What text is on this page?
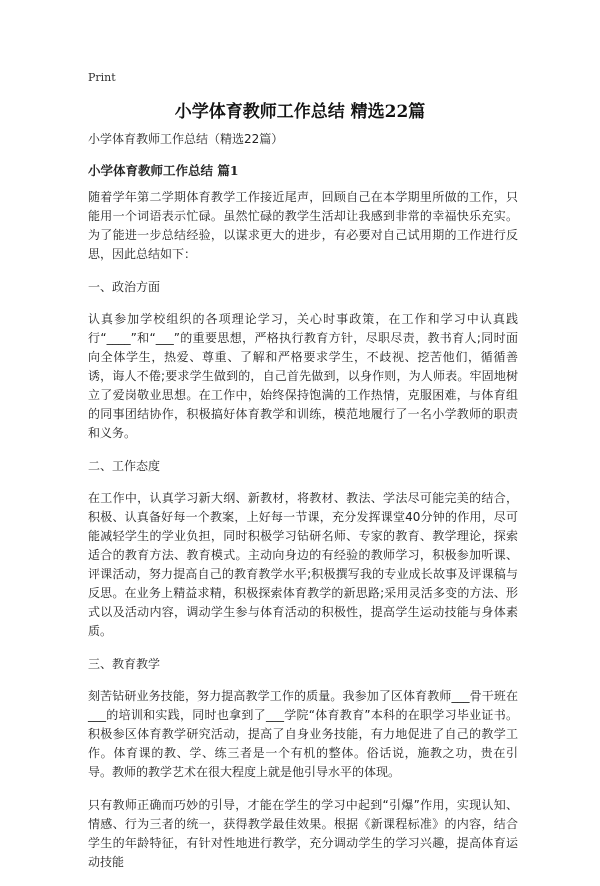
Print
小学体育教师工作总结 精选22篇

小学体育教师工作总结（精选22篇）

小学体育教师工作总结 篇1

随着学年第二学期体育教学工作接近尾声，回顾自己在本学期里所做的工作，只能用一个词语表示忙碌。虽然忙碌的教学生活却让我感到非常的幸福快乐充实。为了能进一步总结经验，以谋求更大的进步，有必要对自己试用期的工作进行反思，因此总结如下：

一、政治方面

认真参加学校组织的各项理论学习，关心时事政策，在工作和学习中认真践行“____”和“___”的重要思想，严格执行教育方针，尽职尽责，教书育人;同时面向全体学生，热爱、尊重、了解和严格要求学生，不歧视、挖苦他们，循循善诱，诲人不倦;要求学生做到的，自己首先做到，以身作则，为人师表。牢固地树立了爱岗敬业思想。在工作中，始终保持饱满的工作热情，克服困难，与体育组的同事团结协作，积极搞好体育教学和训练，模范地履行了一名小学教师的职责和义务。

二、工作态度

在工作中，认真学习新大纲、新教材，将教材、教法、学法尽可能完美的结合，积极、认真备好每一个教案，上好每一节课，充分发挥课堂40分钟的作用，尽可能减轻学生的学业负担，同时积极学习钻研名师、专家的教育、教学理论，探索适合的教育方法、教育模式。主动向身边的有经验的教师学习，积极参加听课、评课活动，努力提高自己的教育教学水平;积极撰写我的专业成长故事及评课稿与反思。在业务上精益求精，积极探索体育教学的新思路;采用灵活多变的方法、形式以及活动内容，调动学生参与体育活动的积极性，提高学生运动技能与身体素质。

三、教育教学

刻苦钻研业务技能，努力提高教学工作的质量。我参加了区体育教师___骨干班在___的培训和实践，同时也拿到了___学院“体育教育”本科的在职学习毕业证书。积极参区体育教学研究活动，提高了自身业务技能，有力地促进了自己的教学工作。体育课的教、学、练三者是一个有机的整体。俗话说，施教之功，贵在引导。教师的教学艺术在很大程度上就是他引导水平的体现。

只有教师正确而巧妙的引导，才能在学生的学习中起到“引爆”作用，实现认知、情感、行为三者的统一，获得教学最佳效果。根据《新课程标准》的内容，结合学生的年龄特征，有针对性地进行教学，充分调动学生的学习兴趣，提高体育运动技能
